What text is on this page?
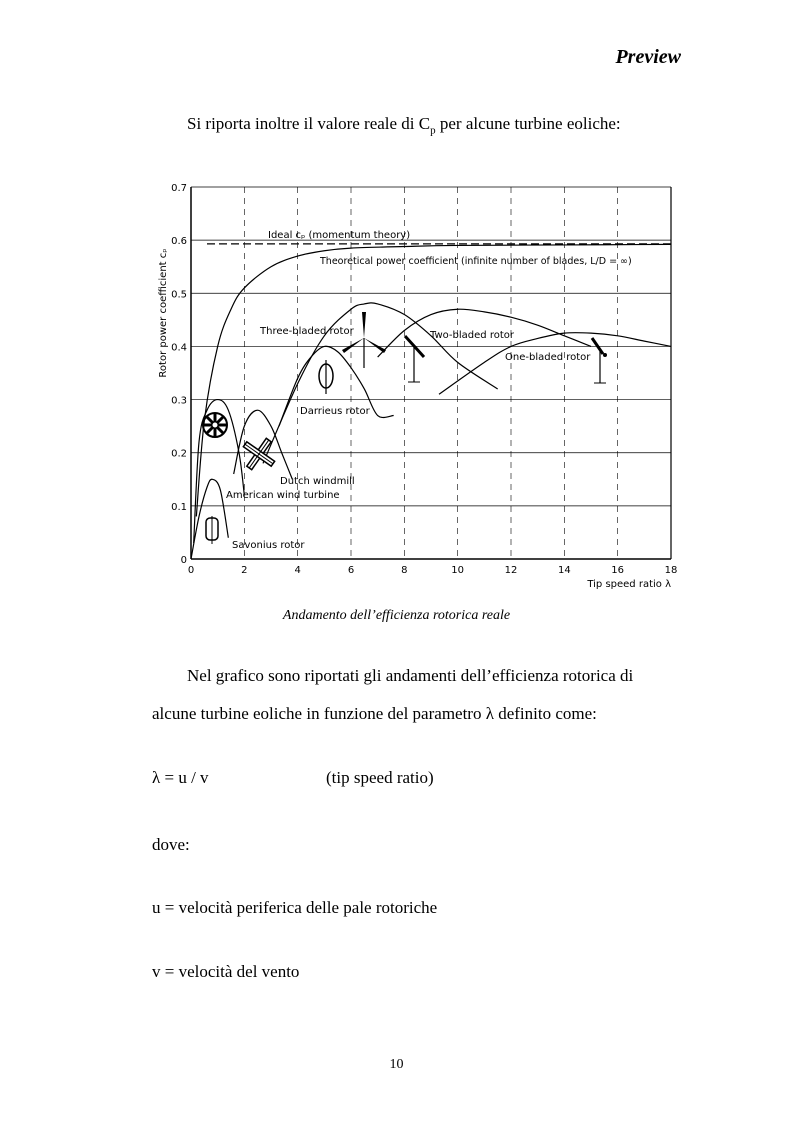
Preview
Si riporta inoltre il valore reale di $C_p$ per alcune turbine eoliche:
0	2	4	6	8	10	12	14	16	18
0
0.1
0.2
0.3
0.4
0.5
0.6
0.7
Tip speed ratio λ
Rotor power coefficient cₚ
Ideal cₚ (momentum theory)
Theoretical power coefficient (infinite number of blades, L/D = ∞)
Three-bladed rotor	Two-bladed rotor
One-bladed rotor
Darrieus rotor
Dutch windmill
American wind turbine
Savonius rotor
Andamento dell’efficienza rotorica reale
Nel grafico sono riportati gli andamenti dell’efficienza rotorica di
alcune turbine eoliche in funzione del parametro λ definito come:
λ = u / v	(tip speed ratio)
dove:
u = velocità periferica delle pale rotoriche
v = velocità del vento
10
